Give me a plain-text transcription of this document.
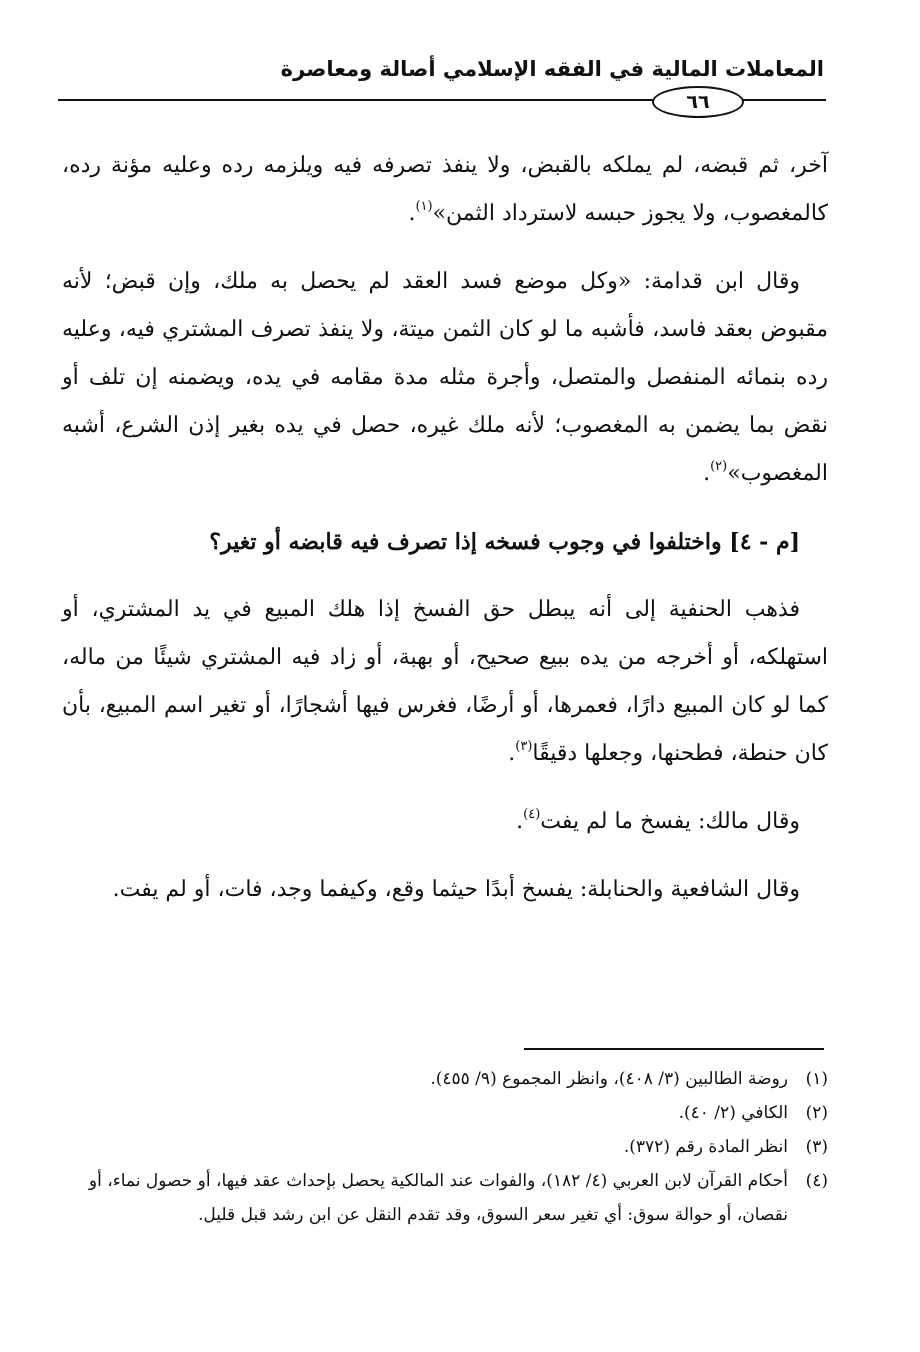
المعاملات المالية في الفقه الإسلامي أصالة ومعاصرة
٦٦

آخر، ثم قبضه، لم يملكه بالقبض، ولا ينفذ تصرفه فيه ويلزمه رده وعليه مؤنة رده، كالمغصوب، ولا يجوز حبسه لاسترداد الثمن»$^{(١)}$.

وقال ابن قدامة: «وكل موضع فسد العقد لم يحصل به ملك، وإن قبض؛ لأنه مقبوض بعقد فاسد، فأشبه ما لو كان الثمن ميتة، ولا ينفذ تصرف المشتري فيه، وعليه رده بنمائه المنفصل والمتصل، وأجرة مثله مدة مقامه في يده، ويضمنه إن تلف أو نقض بما يضمن به المغصوب؛ لأنه ملك غيره، حصل في يده بغير إذن الشرع، أشبه المغصوب»$^{(٢)}$.

[م - ٤] واختلفوا في وجوب فسخه إذا تصرف فيه قابضه أو تغير؟

فذهب الحنفية إلى أنه يبطل حق الفسخ إذا هلك المبيع في يد المشتري، أو استهلكه، أو أخرجه من يده ببيع صحيح، أو بهبة، أو زاد فيه المشتري شيئًا من ماله، كما لو كان المبيع دارًا، فعمرها، أو أرضًا، فغرس فيها أشجارًا، أو تغير اسم المبيع، بأن كان حنطة، فطحنها، وجعلها دقيقًا$^{(٣)}$.

وقال مالك: يفسخ ما لم يفت$^{(٤)}$.

وقال الشافعية والحنابلة: يفسخ أبدًا حيثما وقع، وكيفما وجد، فات، أو لم يفت.

(١)
روضة الطالبين (٣/ ٤٠٨)، وانظر المجموع (٩/ ٤٥٥).

(٢)
الكافي (٢/ ٤٠).

(٣)
انظر المادة رقم (٣٧٢).

(٤)
أحكام القرآن لابن العربي (٤/ ١٨٢)، والفوات عند المالكية يحصل بإحداث عقد فيها، أو حصول نماء، أو نقصان، أو حوالة سوق: أي تغير سعر السوق، وقد تقدم النقل عن ابن رشد قبل قليل.
